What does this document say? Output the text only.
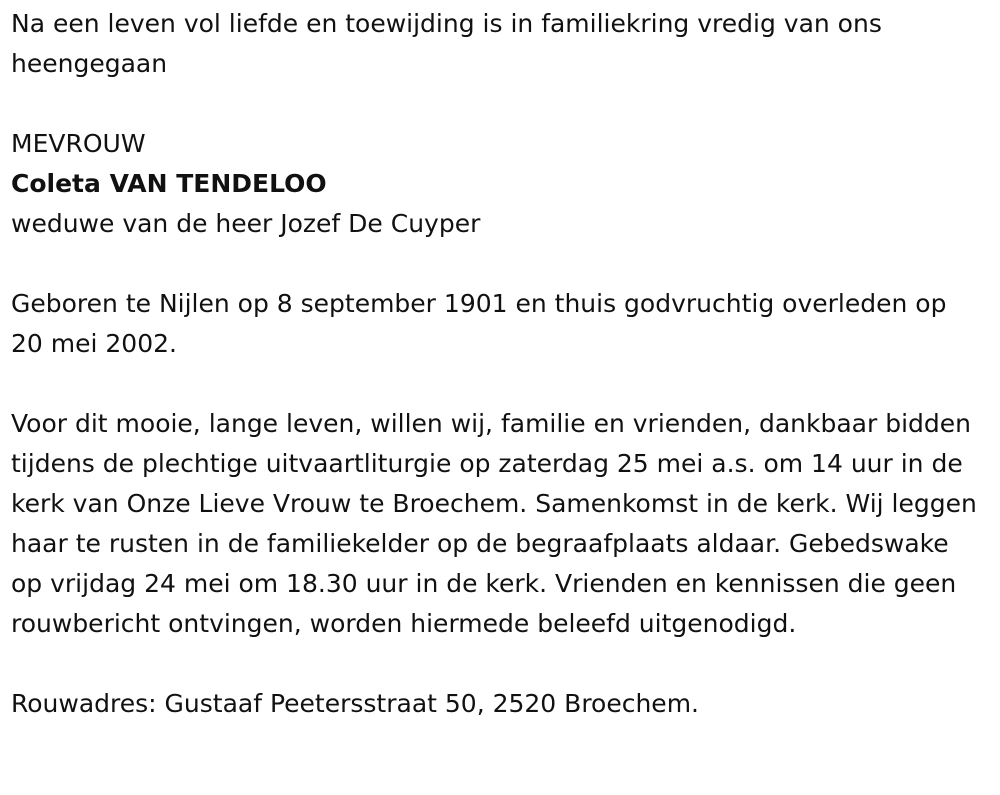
Na een leven vol liefde en toewijding is in familiekring vredig van ons heengegaan

MEVROUW

Coleta VAN TENDELOO

weduwe van de heer Jozef De Cuyper

Geboren te Nijlen op 8 september 1901 en thuis godvruchtig overleden op 20 mei 2002.

Voor dit mooie, lange leven, willen wij, familie en vrienden, dankbaar bidden tijdens de plechtige uitvaartliturgie op zaterdag 25 mei a.s. om 14 uur in de kerk van Onze Lieve Vrouw te Broechem. Samenkomst in de kerk. Wij leggen haar te rusten in de familiekelder op de begraafplaats aldaar. Gebedswake op vrijdag 24 mei om 18.30 uur in de kerk. Vrienden en kennissen die geen rouwbericht ontvingen, worden hiermede beleefd uitgenodigd.

Rouwadres: Gustaaf Peetersstraat 50, 2520 Broechem.
